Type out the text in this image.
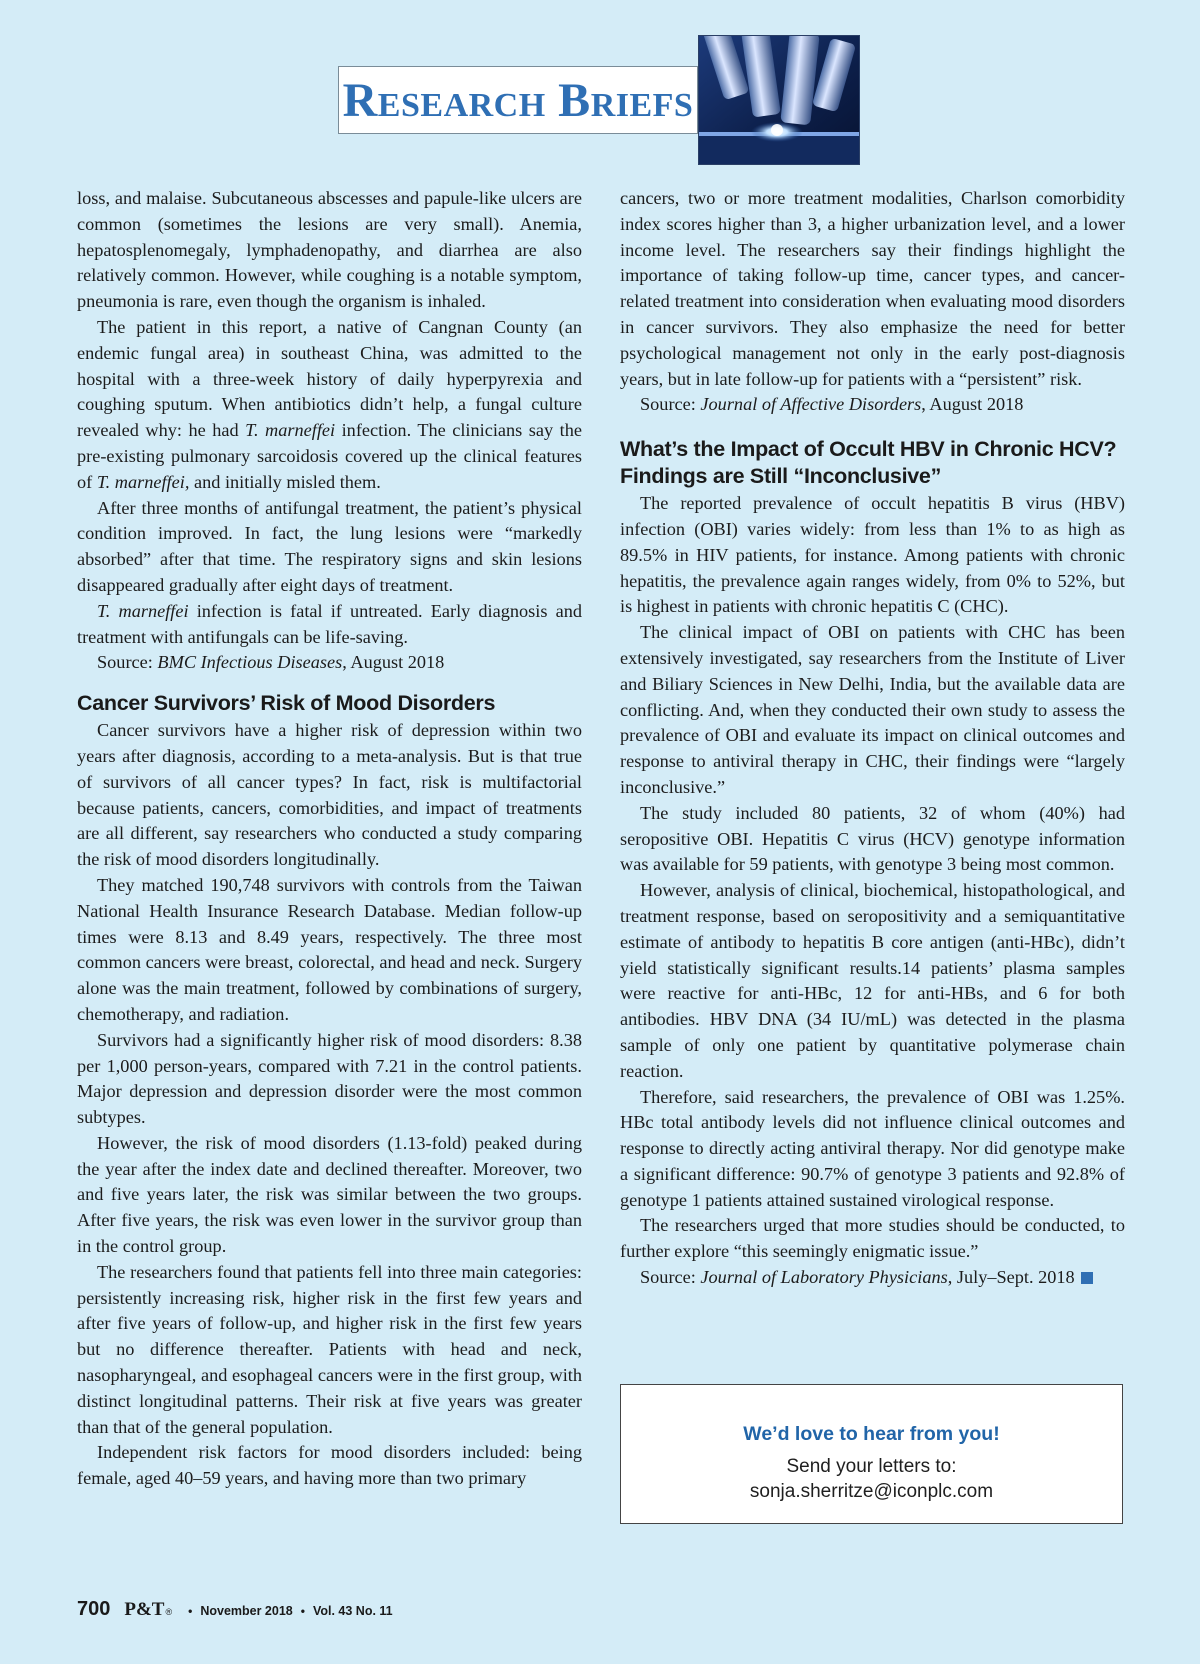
Research Briefs

loss, and malaise. Subcutaneous abscesses and papule-like ulcers are common (sometimes the lesions are very small). Anemia, hepatosplenomegaly, lymphadenopathy, and diarrhea are also relatively common. However, while coughing is a notable symptom, pneumonia is rare, even though the organism is inhaled.

The patient in this report, a native of Cangnan County (an endemic fungal area) in southeast China, was admitted to the hospital with a three-week history of daily hyperpyrexia and coughing sputum. When antibiotics didn’t help, a fungal culture revealed why: he had T. marneffei infection. The clinicians say the pre-existing pulmonary sarcoidosis covered up the clinical features of T. marneffei, and initially misled them.

After three months of antifungal treatment, the patient’s physical condition improved. In fact, the lung lesions were “markedly absorbed” after that time. The respiratory signs and skin lesions disappeared gradually after eight days of treatment.

T. marneffei infection is fatal if untreated. Early diagnosis and treatment with antifungals can be life-saving.

Source: BMC Infectious Diseases, August 2018

Cancer Survivors’ Risk of Mood Disorders

Cancer survivors have a higher risk of depression within two years after diagnosis, according to a meta-analysis. But is that true of survivors of all cancer types? In fact, risk is multifactorial because patients, cancers, comorbidities, and impact of treatments are all different, say researchers who conducted a study comparing the risk of mood disorders longitudinally.

They matched 190,748 survivors with controls from the Taiwan National Health Insurance Research Database. Median follow-up times were 8.13 and 8.49 years, respectively. The three most common cancers were breast, colorectal, and head and neck. Surgery alone was the main treatment, followed by combinations of surgery, chemotherapy, and radiation.

Survivors had a significantly higher risk of mood disorders: 8.38 per 1,000 person-years, compared with 7.21 in the control patients. Major depression and depression disorder were the most common subtypes.

However, the risk of mood disorders (1.13-fold) peaked during the year after the index date and declined thereafter. Moreover, two and five years later, the risk was similar between the two groups. After five years, the risk was even lower in the survivor group than in the control group.

The researchers found that patients fell into three main categories: persistently increasing risk, higher risk in the first few years and after five years of follow-up, and higher risk in the first few years but no difference thereafter. Patients with head and neck, nasopharyngeal, and esophageal cancers were in the first group, with distinct longitudinal patterns. Their risk at five years was greater than that of the general population.

Independent risk factors for mood disorders included: being female, aged 40–59 years, and having more than two primary

cancers, two or more treatment modalities, Charlson comorbidity index scores higher than 3, a higher urbanization level, and a lower income level. The researchers say their findings highlight the importance of taking follow-up time, cancer types, and cancer-related treatment into consideration when evaluating mood disorders in cancer survivors. They also emphasize the need for better psychological management not only in the early post-diagnosis years, but in late follow-up for patients with a “persistent” risk.

Source: Journal of Affective Disorders, August 2018

What’s the Impact of Occult HBV in Chronic HCV? Findings are Still “Inconclusive”

The reported prevalence of occult hepatitis B virus (HBV) infection (OBI) varies widely: from less than 1% to as high as 89.5% in HIV patients, for instance. Among patients with chronic hepatitis, the prevalence again ranges widely, from 0% to 52%, but is highest in patients with chronic hepatitis C (CHC).

The clinical impact of OBI on patients with CHC has been extensively investigated, say researchers from the Institute of Liver and Biliary Sciences in New Delhi, India, but the available data are conflicting. And, when they conducted their own study to assess the prevalence of OBI and evaluate its impact on clinical outcomes and response to antiviral therapy in CHC, their findings were “largely inconclusive.”

The study included 80 patients, 32 of whom (40%) had seropositive OBI. Hepatitis C virus (HCV) genotype information was available for 59 patients, with genotype 3 being most common.

However, analysis of clinical, biochemical, histopathological, and treatment response, based on seropositivity and a semiquantitative estimate of antibody to hepatitis B core antigen (anti-HBc), didn’t yield statistically significant results.14 patients’ plasma samples were reactive for anti-HBc, 12 for anti-HBs, and 6 for both antibodies. HBV DNA (34 IU/mL) was detected in the plasma sample of only one patient by quantitative polymerase chain reaction.

Therefore, said researchers, the prevalence of OBI was 1.25%. HBc total antibody levels did not influence clinical outcomes and response to directly acting antiviral therapy. Nor did genotype make a significant difference: 90.7% of genotype 3 patients and 92.8% of genotype 1 patients attained sustained virological response.

The researchers urged that more studies should be conducted, to further explore “this seemingly enigmatic issue.”

Source: Journal of Laboratory Physicians, July–Sept. 2018

We’d love to hear from you!
Send your letters to:
sonja.sherritze@iconplc.com
700 P&T ® • November 2018 • Vol. 43 No. 11
